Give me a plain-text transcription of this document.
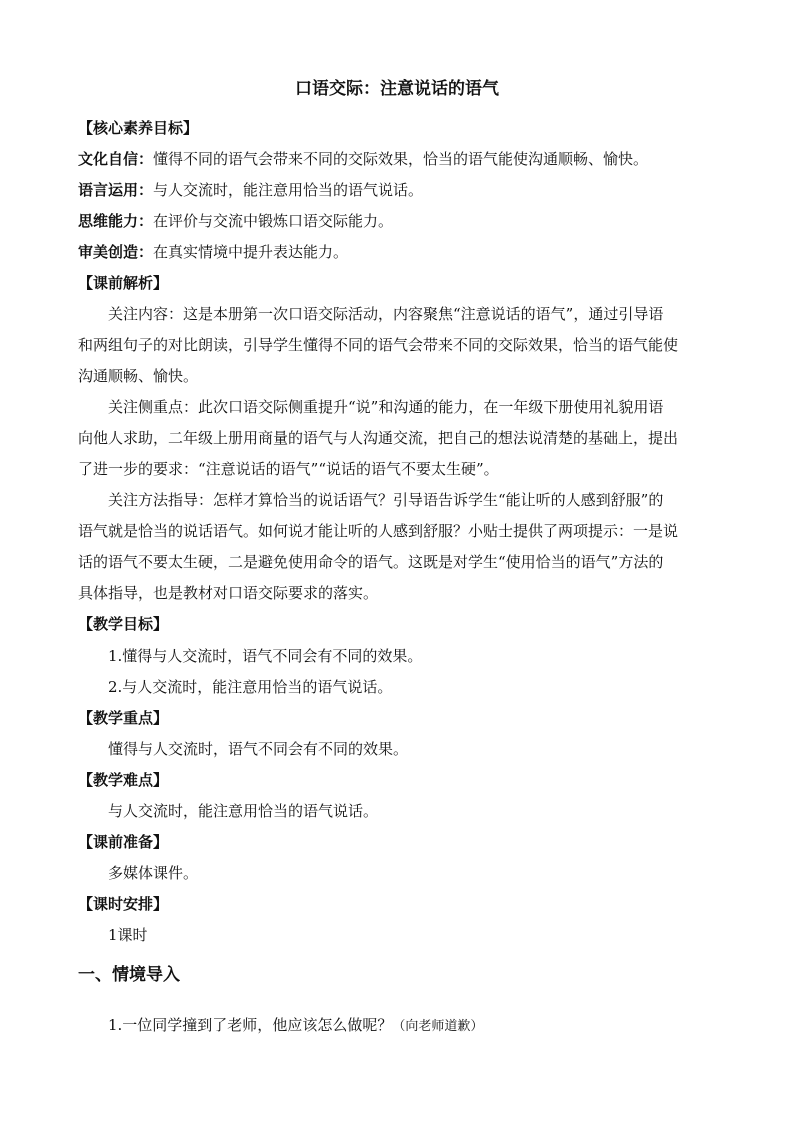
口语交际：注意说话的语气
【核心素养目标】
文化自信：懂得不同的语气会带来不同的交际效果，恰当的语气能使沟通顺畅、愉快。
语言运用：与人交流时，能注意用恰当的语气说话。
思维能力：在评价与交流中锻炼口语交际能力。
审美创造：在真实情境中提升表达能力。
【课前解析】
关注内容：这是本册第一次口语交际活动，内容聚焦“注意说话的语气”，通过引导语
和两组句子的对比朗读，引导学生懂得不同的语气会带来不同的交际效果，恰当的语气能使
沟通顺畅、愉快。
关注侧重点：此次口语交际侧重提升“说”和沟通的能力，在一年级下册使用礼貌用语
向他人求助，二年级上册用商量的语气与人沟通交流，把自己的想法说清楚的基础上，提出
了进一步的要求：“注意说话的语气”“说话的语气不要太生硬”。
关注方法指导：怎样才算恰当的说话语气？引导语告诉学生“能让听的人感到舒服”的
语气就是恰当的说话语气。如何说才能让听的人感到舒服？小贴士提供了两项提示：一是说
话的语气不要太生硬，二是避免使用命令的语气。这既是对学生“使用恰当的语气”方法的
具体指导，也是教材对口语交际要求的落实。
【教学目标】
1.懂得与人交流时，语气不同会有不同的效果。
2.与人交流时，能注意用恰当的语气说话。
【教学重点】
懂得与人交流时，语气不同会有不同的效果。
【教学难点】
与人交流时，能注意用恰当的语气说话。
【课前准备】
多媒体课件。
【课时安排】
1课时
一、情境导入
1.一位同学撞到了老师，他应该怎么做呢？（向老师道歉）
